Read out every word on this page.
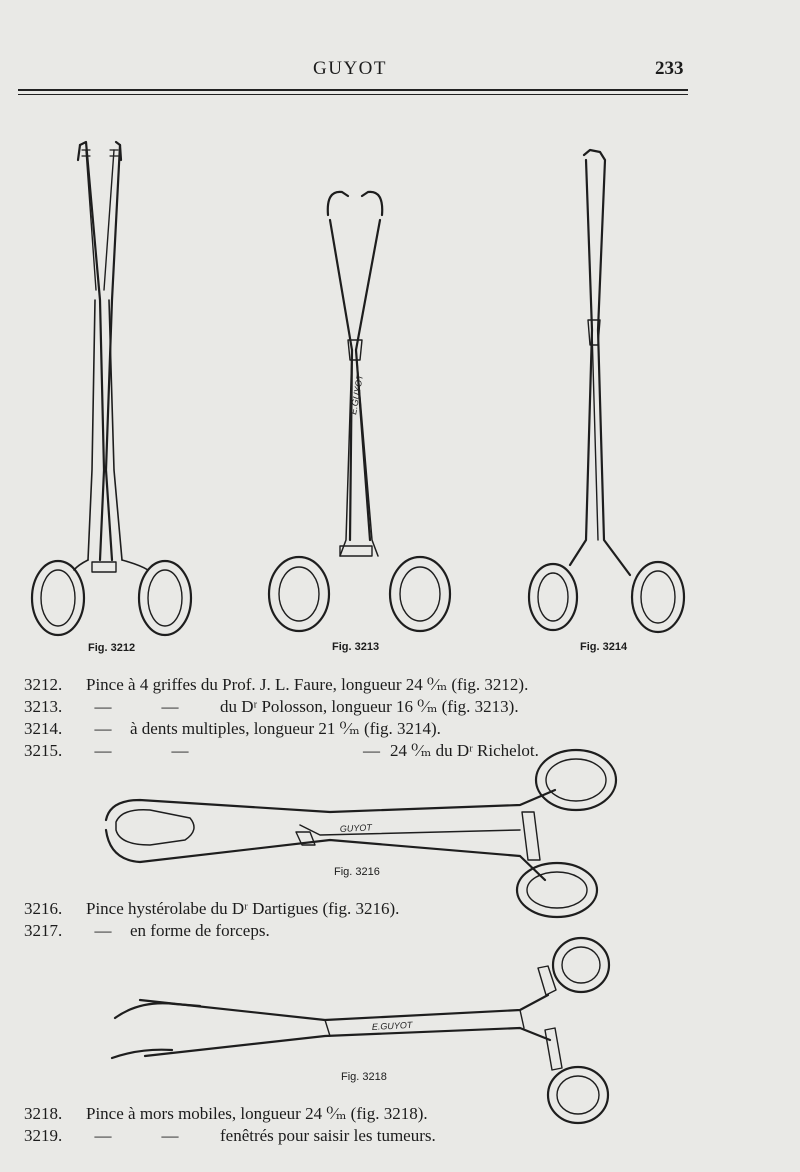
GUYOT	233
E.GUYOT
GUYOT
E.GUYOT
Fig. 3212	Fig. 3213	Fig. 3214
Fig. 3216
Fig. 3218
3212. Pince à 4 griffes du Prof. J. L. Faure, longueur 24 ⁰⁄ₘ (fig. 3212).
3213. —	— du Dʳ Polosson, longueur 16 ⁰⁄ₘ (fig. 3213).
3214. — à dents multiples, longueur 21 ⁰⁄ₘ (fig. 3214).
3215. —	—	— 24 ⁰⁄ₘ du Dʳ Richelot.
3216. Pince hystérolabe du Dʳ Dartigues (fig. 3216).
3217. — en forme de forceps.
3218. Pince à mors mobiles, longueur 24 ⁰⁄ₘ (fig. 3218).
3219. —	— fenêtrés pour saisir les tumeurs.
